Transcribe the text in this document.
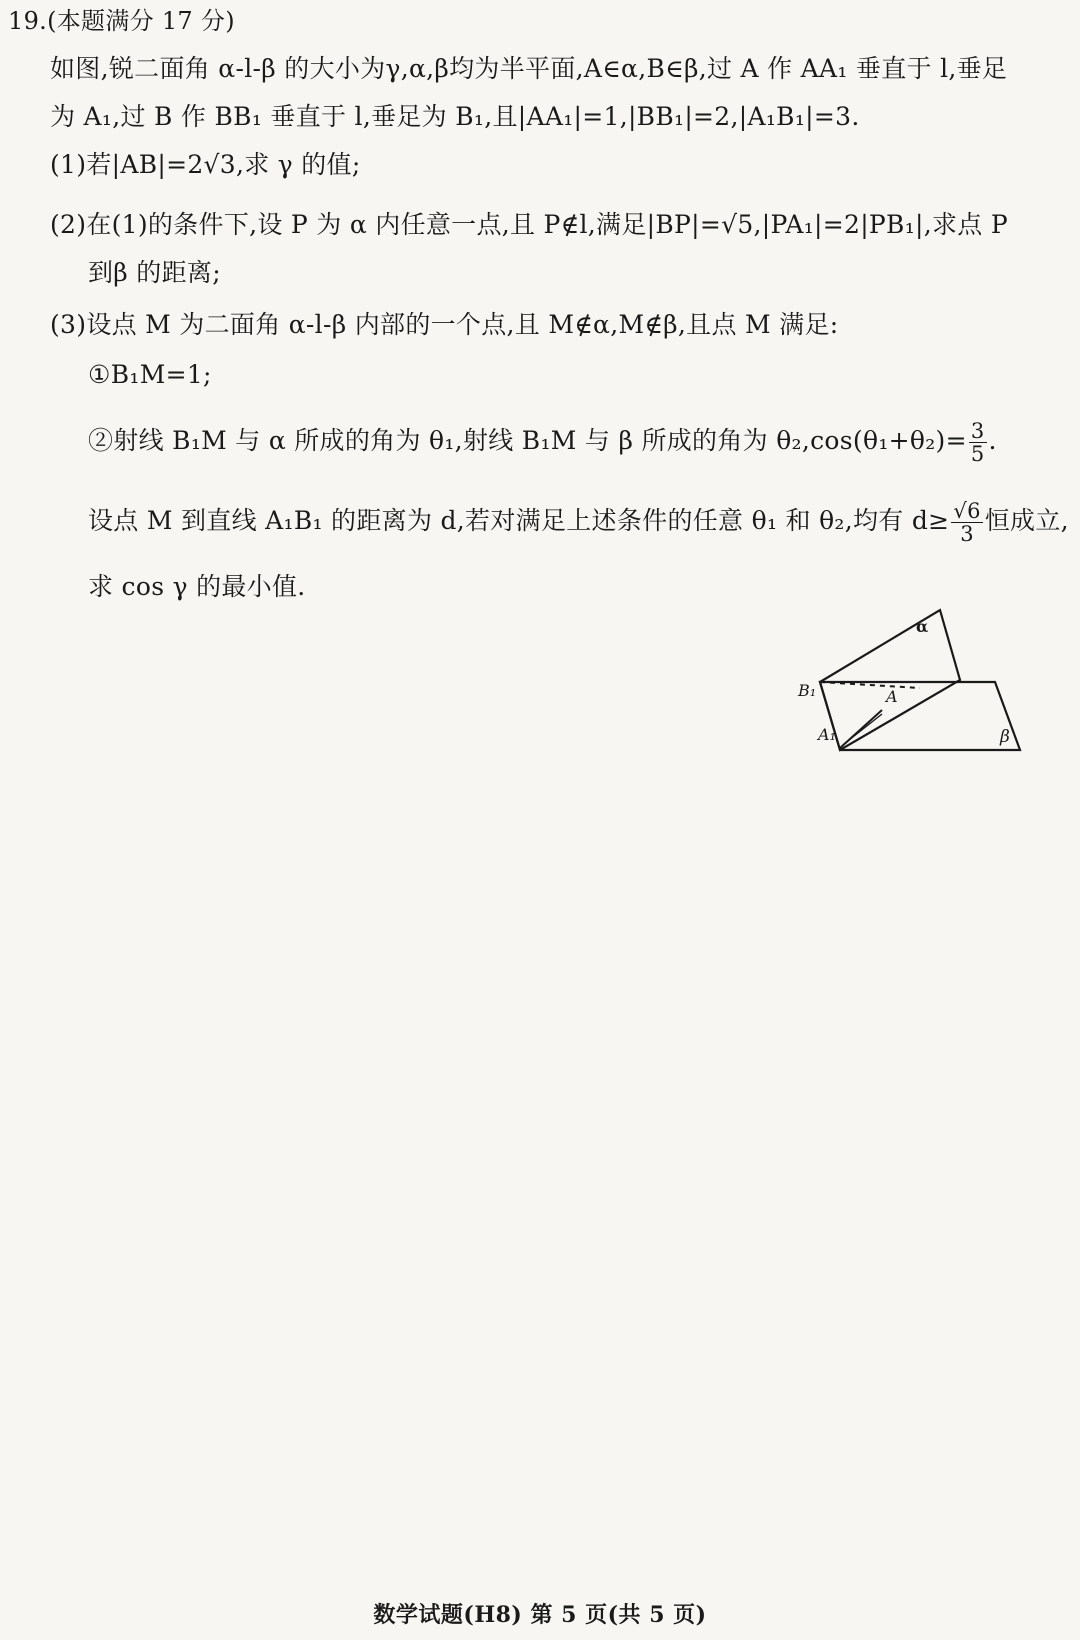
19.(本题满分 17 分)
如图,锐二面角 α-l-β 的大小为γ,α,β均为半平面,A∈α,B∈β,过 A 作 AA₁ 垂直于 l,垂足
为 A₁,过 B 作 BB₁ 垂直于 l,垂足为 B₁,且|AA₁|=1,|BB₁|=2,|A₁B₁|=3.
(1)若|AB|=2√3,求 γ 的值;
(2)在(1)的条件下,设 P 为 α 内任意一点,且 P∉l,满足|BP|=√5,|PA₁|=2|PB₁|,求点 P
到β 的距离;
(3)设点 M 为二面角 α-l-β 内部的一个点,且 M∉α,M∉β,且点 M 满足:
①B₁M=1;
②射线 B₁M 与 α 所成的角为 θ₁,射线 B₁M 与 β 所成的角为 $\theta_2,\cos(\theta_1+\theta_2)= \frac{3}{5}$ .
设点 M 到直线 A₁B₁ 的距离为 d,若对满足上述条件的任意 θ₁ 和 θ₂,均有 $d\ge \frac{√6}{3}$ 恒成立,
求 cos γ 的最小值.
α
β
A
A₁
B₁
数学试题(H8) 第 5 页(共 5 页)
